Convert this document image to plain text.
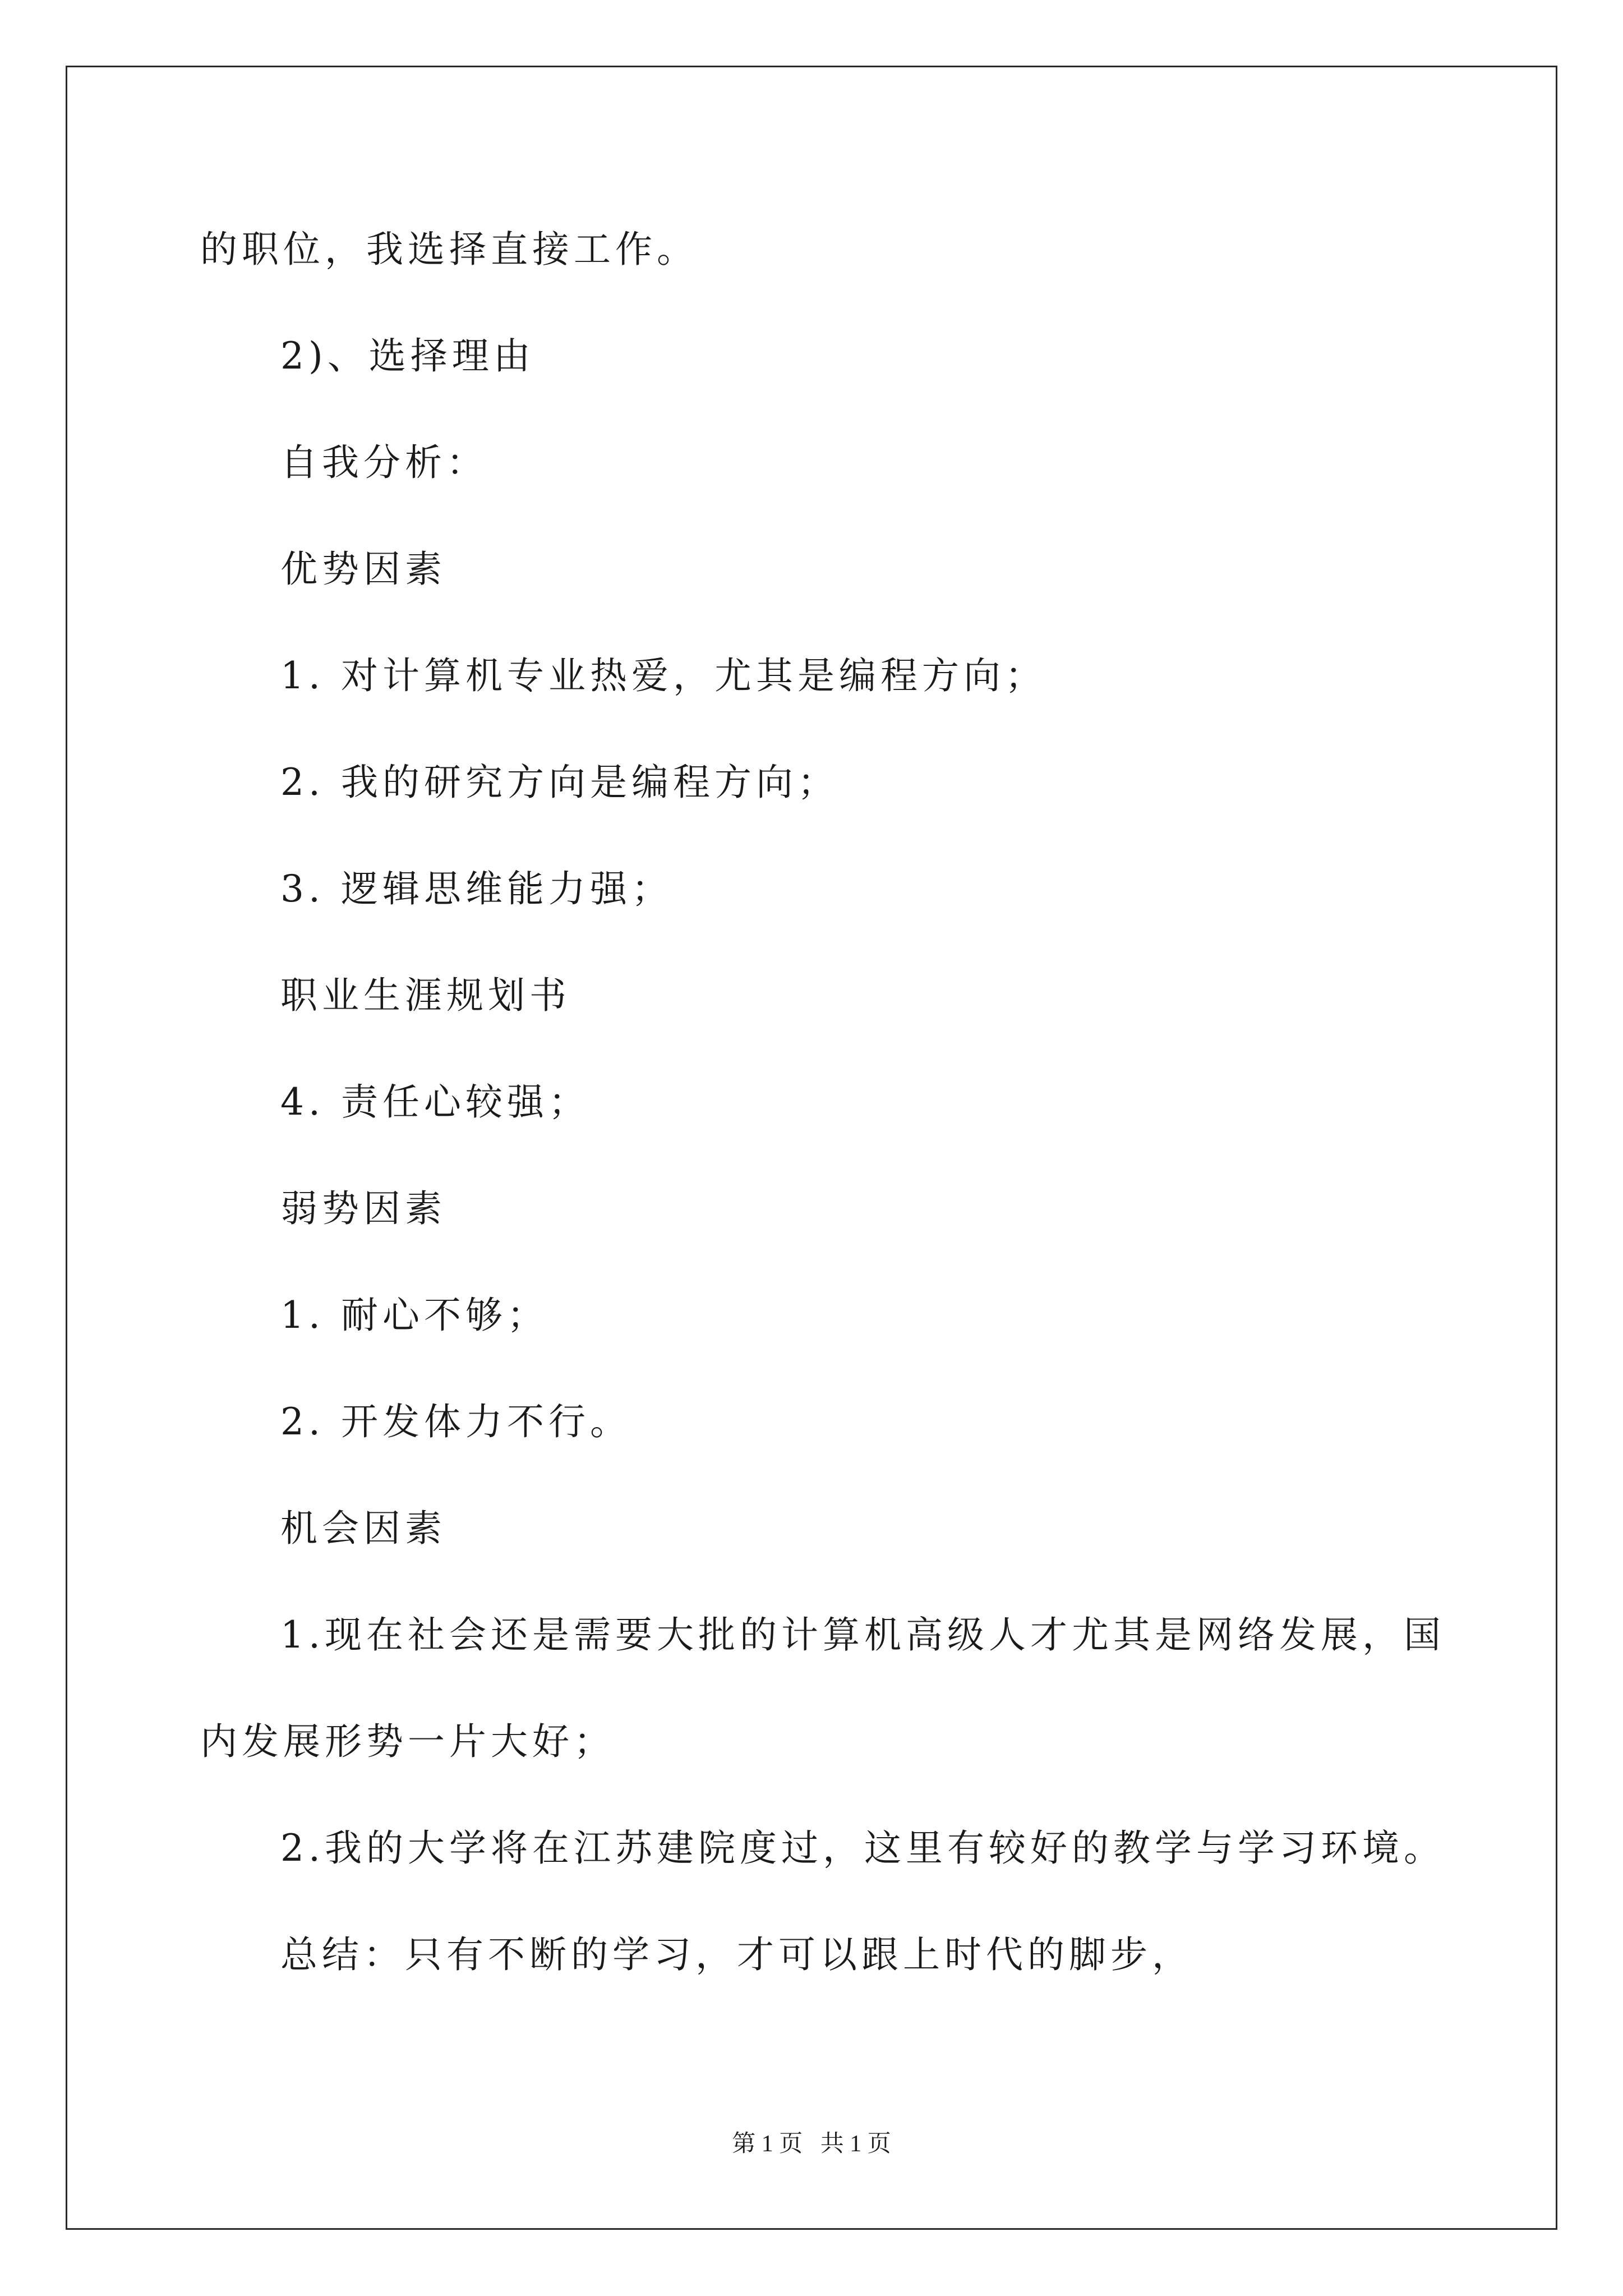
的职位，我选择直接工作。
2)、选择理由
自我分析：
优势因素
1. 对计算机专业热爱，尤其是编程方向；
2. 我的研究方向是编程方向；
3. 逻辑思维能力强；
职业生涯规划书
4. 责任心较强；
弱势因素
1. 耐心不够；
2. 开发体力不行。
机会因素
1.现在社会还是需要大批的计算机高级人才尤其是网络发展，国
内发展形势一片大好；
2.我的大学将在江苏建院度过，这里有较好的教学与学习环境。
总结：只有不断的学习，才可以跟上时代的脚步，
第 1 页   共 1 页
